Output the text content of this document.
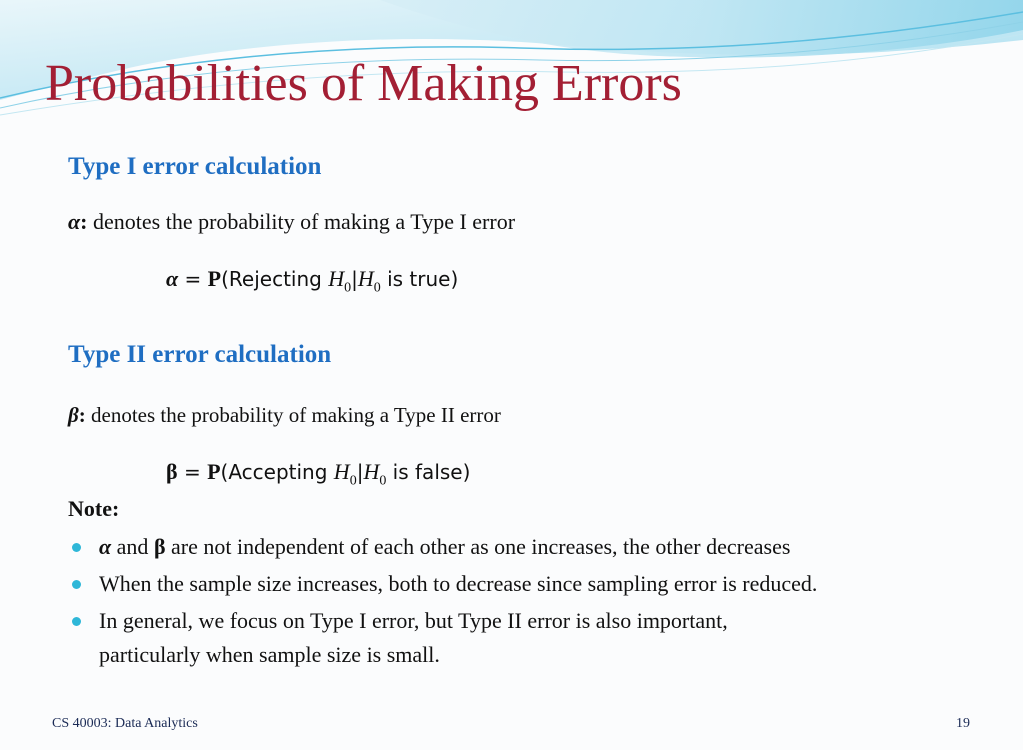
Probabilities of Making Errors
Type I error calculation
α: denotes the probability of making a Type I error
α = P(Rejecting $H_0|H_0$ is true)
Type II error calculation
β: denotes the probability of making a Type II error
β = P(Accepting $H_0|H_0$ is false)
Note:
α and β are not independent of each other as one increases, the other decreases
When the sample size increases, both to decrease since sampling error is reduced.
In general, we focus on Type I error, but Type II error is also important,
particularly when sample size is small.
CS 40003: Data Analytics	19
